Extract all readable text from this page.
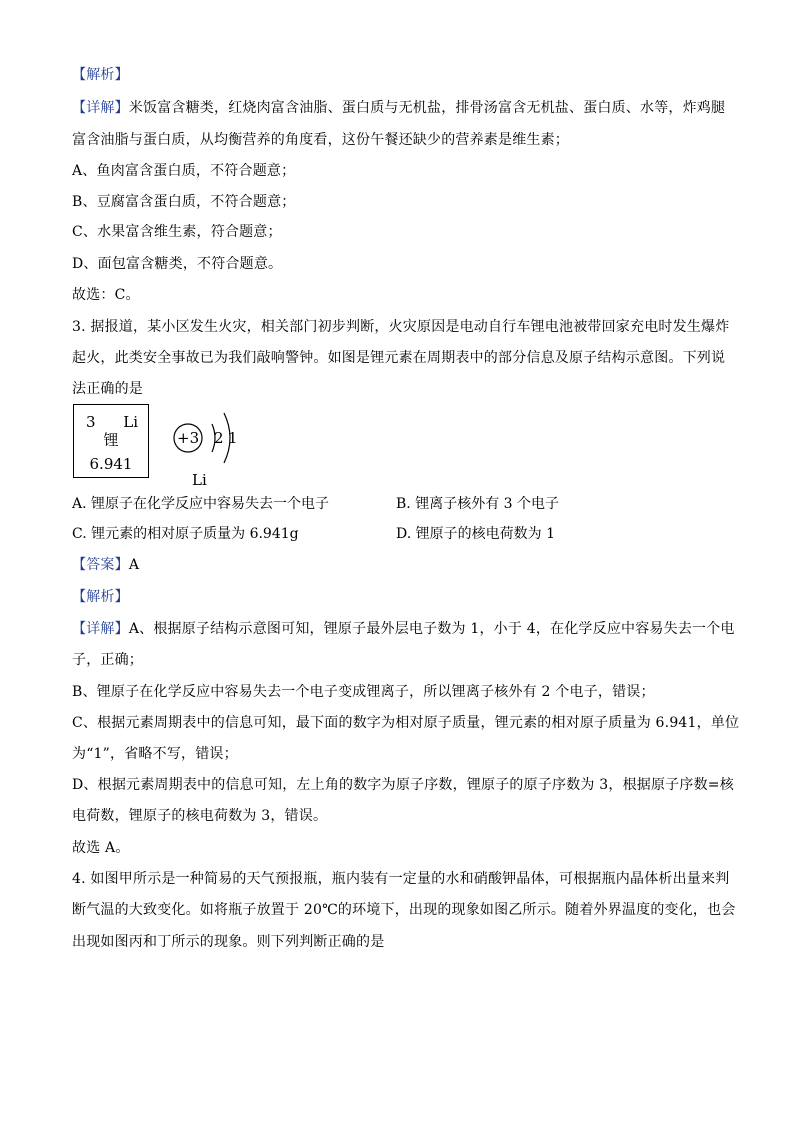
【解析】
【详解】米饭富含糖类，红烧肉富含油脂、蛋白质与无机盐，排骨汤富含无机盐、蛋白质、水等，炸鸡腿
富含油脂与蛋白质，从均衡营养的角度看，这份午餐还缺少的营养素是维生素；
A、鱼肉富含蛋白质，不符合题意；
B、豆腐富含蛋白质，不符合题意；
C、水果富含维生素，符合题意；
D、面包富含糖类，不符合题意。
故选：C。
3. 据报道，某小区发生火灾，相关部门初步判断，火灾原因是电动自行车锂电池被带回家充电时发生爆炸
起火，此类安全事故已为我们敲响警钟。如图是锂元素在周期表中的部分信息及原子结构示意图。下列说
法正确的是
3 Li
锂
6.941
+3 2 1
Li
A. 锂原子在化学反应中容易失去一个电子	B. 锂离子核外有 3 个电子
C. 锂元素的相对原子质量为 6.941g	D. 锂原子的核电荷数为 1
【答案】A
【解析】
【详解】A、根据原子结构示意图可知，锂原子最外层电子数为 1，小于 4，在化学反应中容易失去一个电
子，正确；
B、锂原子在化学反应中容易失去一个电子变成锂离子，所以锂离子核外有 2 个电子，错误；
C、根据元素周期表中的信息可知，最下面的数字为相对原子质量，锂元素的相对原子质量为 6.941，单位
为“1”，省略不写，错误；
D、根据元素周期表中的信息可知，左上角的数字为原子序数，锂原子的原子序数为 3，根据原子序数=核
电荷数，锂原子的核电荷数为 3，错误。
故选 A。
4. 如图甲所示是一种简易的天气预报瓶，瓶内装有一定量的水和硝酸钾晶体，可根据瓶内晶体析出量来判
断气温的大致变化。如将瓶子放置于 20℃的环境下，出现的现象如图乙所示。随着外界温度的变化，也会
出现如图丙和丁所示的现象。则下列判断正确的是
